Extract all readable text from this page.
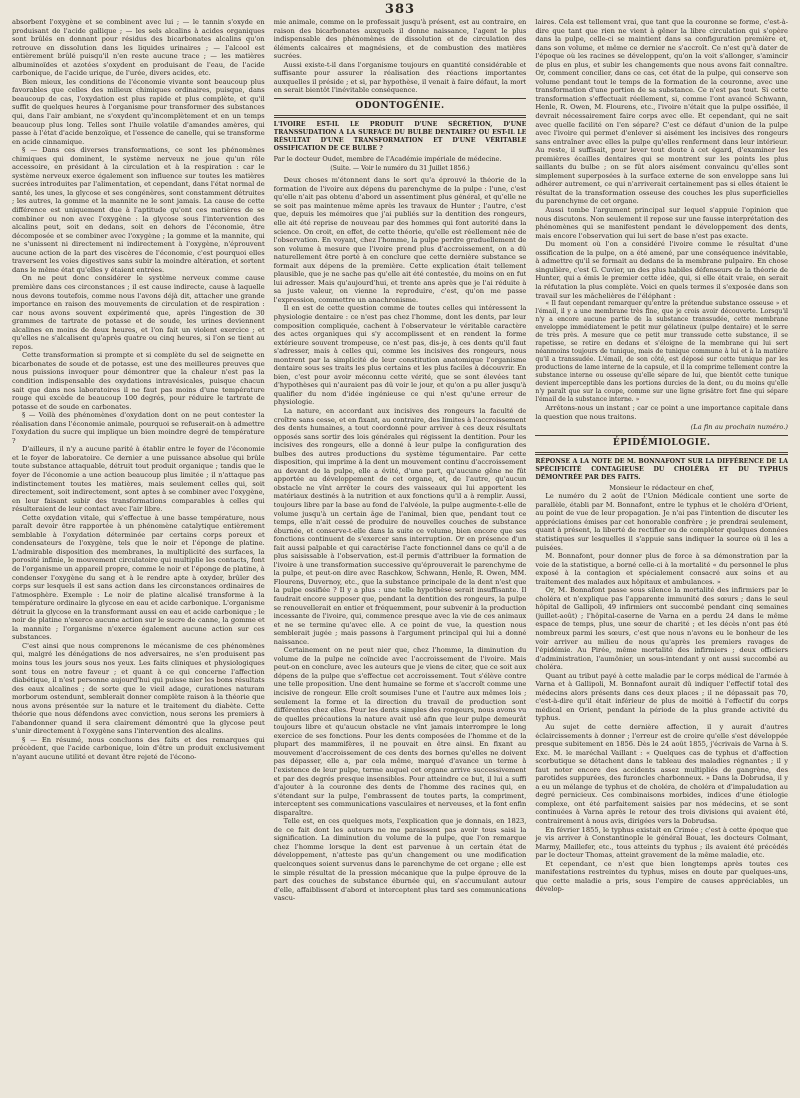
383

absorbent l'oxygène et se combinent avec lui ; — le tannin s'oxyde en produisant de l'acide gallique ; — les sels alcalins à acides organiques sont brûlés en donnant pour résidus des bicarbonates alcalins qu'on retrouve en dissolution dans les liquides urinaires ; — l'alcool est entièrement brûlé puisqu'il n'en reste aucune trace ; — les matières albuminoïdes et azotées s'oxydent en produisant de l'eau, de l'acide carbonique, de l'acide urique, de l'urée, divers acides, etc.

Bien mieux, les conditions de l'économie vivante sont beaucoup plus favorables que celles des milieux chimiques ordinaires, puisque, dans beaucoup de cas, l'oxydation est plus rapide et plus complète, et qu'il suffit de quelques heures à l'organisme pour transformer des substances qui, dans l'air ambiant, ne s'oxydent qu'incomplètement et en un temps beaucoup plus long. Telles sont l'huile volatile d'amandes amères, qui passe à l'état d'acide benzoïque, et l'essence de canelle, qui se transforme en acide cinnamique.

§ — Dans ces diverses transformations, ce sont les phénomènes chimiques qui dominent, le système nerveux ne joue qu'un rôle accessoire, en présidant à la circulation et à la respiration : car le système nerveux exerce également son influence sur toutes les matières sucrées introduites par l'alimentation, et cependant, dans l'état normal de santé, les unes, la glycose et ses congénères, sont constamment détruites ; les autres, la gomme et la mannite ne le sont jamais. La cause de cette différence est uniquement due à l'aptitude qu'ont ces matières de se combiner ou non avec l'oxygène : la glycose sous l'intervention des alcalins peut, soit en dedans, soit en dehors de l'économie, être décomposée et se combiner avec l'oxygène ; la gomme et la mannite, qui ne s'unissent ni directement ni indirectement à l'oxygène, n'éprouvent aucune action de la part des viscères de l'économie, c'est pourquoi elles traversent les voies digestives sans subir la moindre altération, et sortent dans le même état qu'elles y étaient entrées.

On ne peut donc considérer le système nerveux comme cause première dans ces circonstances ; il est cause indirecte, cause à laquelle nous devons toutefois, comme nous l'avons déjà dit, attacher une grande importance en raison des mouvements de circulation et de respiration : car nous avons souvent expérimenté que, après l'ingestion de 30 grammes de tartrate de potasse et de soude, les urines deviennent alcalines en moins de deux heures, et l'on fait un violent exercice ; et qu'elles ne s'alcalisent qu'après quatre ou cinq heures, si l'on se tient au repos.

Cette transformation si prompte et si complète du sel de seignette en bicarbonates de soude et de potasse, est une des meilleures preuves que nous puissions invoquer pour démontrer que la chaleur n'est pas la condition indispensable des oxydations intravésicales, puisque chacun sait que dans nos laboratoires il ne faut pas moins d'une température rouge qui excède de beaucoup 100 degrés, pour réduire le tartrate de potasse et de soude en carbonates.

§ — Voilà des phénomènes d'oxydation dont on ne peut contester la réalisation dans l'économie animale, pourquoi se refuserait-on à admettre l'oxydation du sucre qui implique un bien moindre degré de température ?

D'ailleurs, il n'y a aucune parité à établir entre le foyer de l'économie et le foyer de laboratoire. Ce dernier a une puissance absolue qui brûle toute substance attaquable, détruit tout produit organique ; tandis que le foyer de l'économie a une action beaucoup plus limitée ; il n'attaque pas indistinctement toutes les matières, mais seulement celles qui, soit directement, soit indirectement, sont aptes à se combiner avec l'oxygène, en leur faisant subir des transformations comparables à celles qui résulteraient de leur contact avec l'air libre.

Cette oxydation vitale, qui s'effectue à une basse température, nous paraît devoir être rapportée à un phénomène catalytique entièrement semblable à l'oxydation déterminée par certains corps poreux et condensateurs de l'oxygène, tels que le noir et l'éponge de platine. L'admirable disposition des membranes, la multiplicité des surfaces, la porosité infinie, le mouvement circulatoire qui multiplie les contacts, font de l'organisme un appareil propre, comme le noir et l'éponge de platine, à condenser l'oxygène du sang et à le rendre apte à oxyder, brûler des corps sur lesquels il est sans action dans les circonstances ordinaires de l'atmosphère. Exemple : Le noir de platine alcalisé transforme à la température ordinaire la glycose en eau et acide carbonique. L'organisme détruit la glycose en la transformant aussi en eau et acide carbonique ; le noir de platine n'exerce aucune action sur le sucre de canne, la gomme et la mannite ; l'organisme n'exerce également aucune action sur ces substances.

C'est ainsi que nous comprenons le mécanisme de ces phénomènes qui, malgré les dénégations de nos adversaires, ne s'en produisent pas moins tous les jours sous nos yeux. Les faits cliniques et physiologiques sont tous en notre faveur ; et quant à ce qui concerne l'affection diabétique, il n'est personne aujourd'hui qui puisse nier les bons résultats des eaux alcalines ; de sorte que le vieil adage, curationes naturam morborum ostendunt, semblerait donner complète raison à la théorie que nous avons présentée sur la nature et le traitement du diabète. Cette théorie que nous défendons avec conviction, nous serons les premiers à l'abandonner quand il sera clairement démontré que la glycose peut s'unir directement à l'oxygène sans l'intervention des alcalins.

§ — En résumé, nous concluons des faits et des remarques qui précèdent, que l'acide carbonique, loin d'être un produit exclusivement n'ayant aucune utilité et devant être rejeté de l'écono-

mie animale, comme on le professait jusqu'à présent, est au contraire, en raison des bicarbonates auxquels il donne naissance, l'agent le plus indispensable des phénomènes de dissolution et de circulation des éléments calcaires et magnésiens, et de combustion des matières sucrées.

Aussi existe-t-il dans l'organisme toujours en quantité considérable et suffisante pour assurer la réalisation des réactions importantes auxquelles il préside ; et si, par hypothèse, il venait à faire défaut, la mort en serait bientôt l'inévitable conséquence.

ODONTOGÉNIE.
L'IVOIRE EST-IL LE PRODUIT D'UNE SÉCRÉTION, D'UNE TRANSSUDATION A LA SURFACE DU BULBE DENTAIRE? OU EST-IL LE RÉSULTAT D'UNE TRANSFORMATION ET D'UNE VÉRITABLE OSSIFICATION DE CE BULBE ?
Par le docteur Oudet, membre de l'Académie impériale de médecine.

(Suite. — Voir le numéro du 31 Juillet 1856.)

Deux choses m'étonnent dans le sort qu'a éprouvé la théorie de la formation de l'ivoire aux dépens du parenchyme de la pulpe : l'une, c'est qu'elle n'ait pas obtenu d'abord un assentiment plus général, et qu'elle ne se soit pas maintenue même après les travaux de Hunter ; l'autre, c'est que, depuis les mémoires que j'ai publiés sur la dentition des rongeurs, elle ait été reprise de nouveau par des hommes qui font autorité dans la science. On croit, en effet, de cette théorie, qu'elle est réellement née de l'observation. En voyant, chez l'homme, la pulpe perdre graduellement de son volume à mesure que l'ivoire prend plus d'accroissement, on a dû naturellement être porté à en conclure que cette dernière substance se formait aux dépens de la première. Cette explication était tellement plausible, que je ne sache pas qu'elle ait été contestée, du moins on en fut lui adresser. Mais qu'aujourd'hui, et trente ans après que je l'ai réduite à sa juste valeur, on vienne la reproduire, c'est, qu'on me passe l'expression, commettre un anachronisme.

Il en est de cette question comme de toutes celles qui intéressent la physiologie dentaire : ce n'est pas chez l'homme, dont les dents, par leur composition compliquée, cachent à l'observateur le véritable caractère des actes organiques qui s'y accomplissent et en rendent la forme extérieure souvent trompeuse, ce n'est pas, dis-je, à ces dents qu'il faut s'adresser, mais à celles qui, comme les incisives des rongeurs, nous montrent par la simplicité de leur constitution anatomique l'organisme dentaire sous ses traits les plus certains et les plus faciles à découvrir. En bien, c'est pour avoir méconnu cette vérité, que se sont élevées tant d'hypothèses qui n'auraient pas dû voir le jour, et qu'on a pu aller jusqu'à qualifier du nom d'idée ingénieuse ce qui n'est qu'une erreur de physiologie.

La nature, en accordant aux incisives des rongeurs la faculté de croître sans cesse, et en fixant, au contraire, des limites à l'accroissement des dents humaines, a tout coordonné pour arriver à ces deux résultats opposés sans sortir des lois générales qui régissent la dentition. Pour les incisives des rongeurs, elle a donné à leur pulpe la configuration des bulbes des autres productions du système tégumentaire. Par cette disposition, qui imprime à la dent un mouvement continu d'accroissement au devant de la pulpe, elle a évité, d'une part, qu'aucune gêne ne fût apportée au développement de cet organe, et, de l'autre, qu'aucun obstacle ne vînt arrêter le cours des vaisseaux qui lui apportent les matériaux destinés à la nutrition et aux fonctions qu'il a à remplir. Aussi, toujours libre par la base au fond de l'alvéole, la pulpe augmente-t-elle de volume jusqu'à un certain âge de l'animal, bien que, pendant tout ce temps, elle n'ait cessé de produire de nouvelles couches de substance éburnée, et conserve-t-elle dans la suite ce volume, bien encore que ses fonctions continuent de s'exercer sans interruption. Or en présence d'un fait aussi palpable et qui caractérise l'acte fonctionnel dans ce qu'il a de plus saisissable à l'observation, est-il permis d'attribuer la formation de l'ivoire à une transformation successive qu'éprouverait le parenchyme de la pulpe, et peut-on dire avec Raschkow, Schwann, Henle, R. Owen, MM. Flourens, Duvernoy, etc., que la substance principale de la dent n'est que la pulpe ossifiée ? Il y a plus : une telle hypothèse serait insuffisante. Il faudrait encore supposer que, pendant la dentition des rongeurs, la pulpe se renouvellerait en entier et fréquemment, pour subvenir à la production incessante de l'ivoire, qui, commence presque avec la vie de ces animaux et ne se termine qu'avec elle. A ce point de vue, la question nous semblerait jugée ; mais passons à l'argument principal qui lui a donné naissance.

Certainement on ne peut nier que, chez l'homme, la diminution du volume de la pulpe ne coïncide avec l'accroissement de l'ivoire. Mais peut-on en conclure, avec les auteurs que je viens de citer, que ce soit aux dépens de la pulpe que s'effectue cet accroissement. Tout s'élève contre une telle proposition. Une dent humaine se forme et s'accroît comme une incisive de rongeur. Elle croît soumises l'une et l'autre aux mêmes lois ; seulement la forme et la direction du travail de production sont différentes chez elles. Pour les dents simples des rongeurs, nous avons vu de quelles précautions la nature avait usé afin que leur pulpe demeurât toujours libre et qu'aucun obstacle ne vînt jamais interrompre le long exercice de ses fonctions. Pour les dents composées de l'homme et de la plupart des mammifères, il ne pouvait en être ainsi. En fixant au mouvement d'accroissement de ces dents des bornes qu'elles ne doivent pas dépasser, elle a, par cela même, marqué d'avance un terme à l'existence de leur pulpe, terme auquel cet organe arrive successivement et par des degrés presque insensibles. Pour atteindre ce but, il lui a suffi d'ajouter à la couronne des dents de l'homme des racines qui, en s'étendant sur la pulpe, l'embrassent de toutes parts, la compriment, interceptent ses communications vasculaires et nerveuses, et la font enfin disparaître.

Telle est, en ces quelques mots, l'explication que je donnais, en 1823, de ce fait dont les auteurs ne me paraissent pas avoir tous saisi la signification. La diminution du volume de la pulpe, que l'on remarque chez l'homme lorsque la dent est parvenue à un certain état de développement, n'atteste pas qu'un changement ou une modification quelconques soient survenus dans le parenchyme de cet organe ; elle est le simple résultat de la pression mécanique que la pulpe éprouve de la part des couches de substance éburnée qui, en s'accumulant autour d'elle, affaiblissent d'abord et interceptent plus tard ses communications vascu-

laires. Cela est tellement vrai, que tant que la couronne se forme, c'est-à-dire que tant que rien ne vient à gêner la libre circulation qui s'opère dans la pulpe, celle-ci se maintient dans sa configuration première et, dans son volume, et même ce dernier ne s'accroît. Ce n'est qu'à dater de l'époque où les racines se développent, qu'on la voit s'allonger, s'amincir de plus en plus, et subir les changements que nous avons fait connaître. Or, comment concilier, dans ce cas, cet état de la pulpe, qui conserve son volume pendant tout le temps de la formation de la couronne, avec une transformation d'une portion de sa substance. Ce n'est pas tout. Si cette transformation s'effectuait réellement, si, comme l'ont avancé Schwann, Henle, R. Owen, M. Flourens, etc., l'ivoire n'était que la pulpe ossifiée, il devrait nécessairement faire corps avec elle. Et cependant, qui ne sait avec quelle facilité on l'en sépare? C'est ce défaut d'union de la pulpe avec l'ivoire qui permet d'enlever si aisément les incisives des rongeurs sans entraîner avec elles la pulpe qu'elles renferment dans leur intérieur. Au reste, il suffisait, pour lever tout doute à cet égard, d'examiner les premières écailles dentaires qui se montrent sur les points les plus saillants du bulbe ; on se fût alors aisément convaincu qu'elles sont simplement superposées à la surface externe de son enveloppe sans lui adhérer autrement, ce qui n'arriverait certainement pas si elles étaient le résultat de la transformation osseuse des couches les plus superficielles du parenchyme de cet organe.

Aussi tombe l'argument principal sur lequel s'appuie l'opinion que nous discutons. Non seulement il repose sur une fausse interprétation des phénomènes qui se manifestent pendant le développement des dents, mais encore l'observation qui lui sert de base n'est pas exacte.

Du moment où l'on a considéré l'ivoire comme le résultat d'une ossification de la pulpe, on a été amené, par une conséquence inévitable, à admettre qu'il se formait au dedans de la membrane pulpaire. En chose singulière, c'est G. Cuvier, un des plus habiles défenseurs de la théorie de Hunter, qui a émis le premier cette idée, qui, si elle était vraie, en serait la réfutation la plus complète. Voici en quels termes il s'exposée dans son travail sur les mâchelières de l'éléphant :

« Il faut cependant remarquer qu'entre la prétendue substance osseuse » et l'émail, il y a une membrane très fine, que je crois avoir découverte. Lorsqu'il n'y a encore aucune partie de la substance transsudée, cette membrane enveloppe immédiatement le petit mur gélatineux (pulpe dentaire) et le serre de très près. A mesure que ce petit mur transsude cette substance, il se rapetisse, se retire en dedans et s'éloigne de la membrane qui lui sert néanmoins toujours de tunique, mais de tunique commune à lui et à la matière qu'il a transsudée. L'émail, de son côté, est déposé sur cette tunique par les productions de lame interne de la capsule, et il la comprime tellement contre la substance interne ou osseuse qu'elle sépare de lui, que bientôt cette tunique devient imperceptible dans les portions durcies de la dent, ou du moins qu'elle n'y paraît que sur la coupe, comme sur une ligne grisâtre fort fine qui sépare l'émail de la substance interne. »

Arrêtons-nous un instant ; car ce point a une importance capitale dans la question que nous traitons.

(La fin au prochain numéro.)

ÉPIDÉMIOLOGIE.
RÉPONSE A LA NOTE DE M. BONNAFONT SUR LA DIFFÉRENCE DE LA SPÉCIFICITÉ CONTAGIEUSE DU CHOLÉRA ET DU TYPHUS DÉMONTRÉE PAR DES FAITS.

Monsieur le rédacteur en chef,

Le numéro du 2 août de l'Union Médicale contient une sorte de parallèle, établi par M. Bonnafont, entre le typhus et le choléra d'Orient, au point de vue de leur propagation. Je n'ai pas l'intention de discuter les appréciations émises par cet honorable confrère ; je prendrai seulement, quant à présent, la liberté de rectifier ou de compléter quelques données statistiques sur lesquelles il s'appuie sans indiquer la source où il les a puisées.

M. Bonnafont, pour donner plus de force à sa démonstration par la voie de la statistique, a borné celle-ci à la mortalité « du personnel le plus exposé à la contagion et spécialement consacré aux soins et au traitement des malades aux hôpitaux et ambulances. »

Or, M. Bonnafont passe sous silence la mortalité des infirmiers par le choléra et n'explique pas l'apparente immunité des sœurs ; dans le seul hôpital de Gallipoli, 49 infirmiers ont succombé pendant cinq semaines (juillet-août) ; l'hôpital-caserne de Varna en a perdu 24 dans le même espace de temps, plus, une sœur de charité ; et les décès n'ont pas été nombreux parmi les sœurs, c'est que nous n'avons eu le bonheur de les voir arriver au milieu de nous qu'après les premiers ravages de l'épidémie. Au Pirée, même mortalité des infirmiers ; deux officiers d'administration, l'aumônier, un sous-intendant y ont aussi succombé au choléra.

Quant au tribut payé à cette maladie par le corps médical de l'armée à Varna et à Gallipoli, M. Bonnafont aurait dû indiquer l'effectif total des médecins alors présents dans ces deux places ; il ne dépassait pas 70, c'est-à-dire qu'il était inférieur de plus de moitié à l'effectif du corps médical en Orient, pendant la période de la plus grande activité du typhus.

Au sujet de cette dernière affection, il y aurait d'autres éclaircissements à donner ; l'erreur est de croire qu'elle s'est développée presque subitement en 1856. Dès le 24 août 1855, j'écrivais de Varna à S. Exc. M. le maréchal Vaillant : « Quelques cas de typhus et d'affection scorbutique se détachent dans le tableau des maladies régnantes ; il y faut noter encore des accidents assez multipliés de gangrène, des parotides suppurées, des furoncles charbonneux. » Dans la Dobrudsa, il y a eu un mélange de typhus et de choléra, de choléra et d'impaludation au degré pernicieux. Ces combinaisons morbides, indices d'une étiologie complexe, ont été parfaitement saisies par nos médecins, et se sont continuées à Varna après le retour des trois divisions qui avaient été, contrairement à nous avis, dirigées vers la Dobrudsa.

En février 1855, le typhus existait en Crimée ; c'est à cette époque que je vis arriver à Constantinople le général Bouat, les docteurs Colmant, Marmy, Maillefer, etc., tous atteints du typhus ; ils avaient été précédés par le docteur Thomas, atteint gravement de la même maladie, etc.

Et cependant, ce n'est que bien longtemps après toutes ces manifestations restreintes du typhus, mises en doute par quelques-uns, que cette maladie a pris, sous l'empire de causes appréciables, un dévelop-
